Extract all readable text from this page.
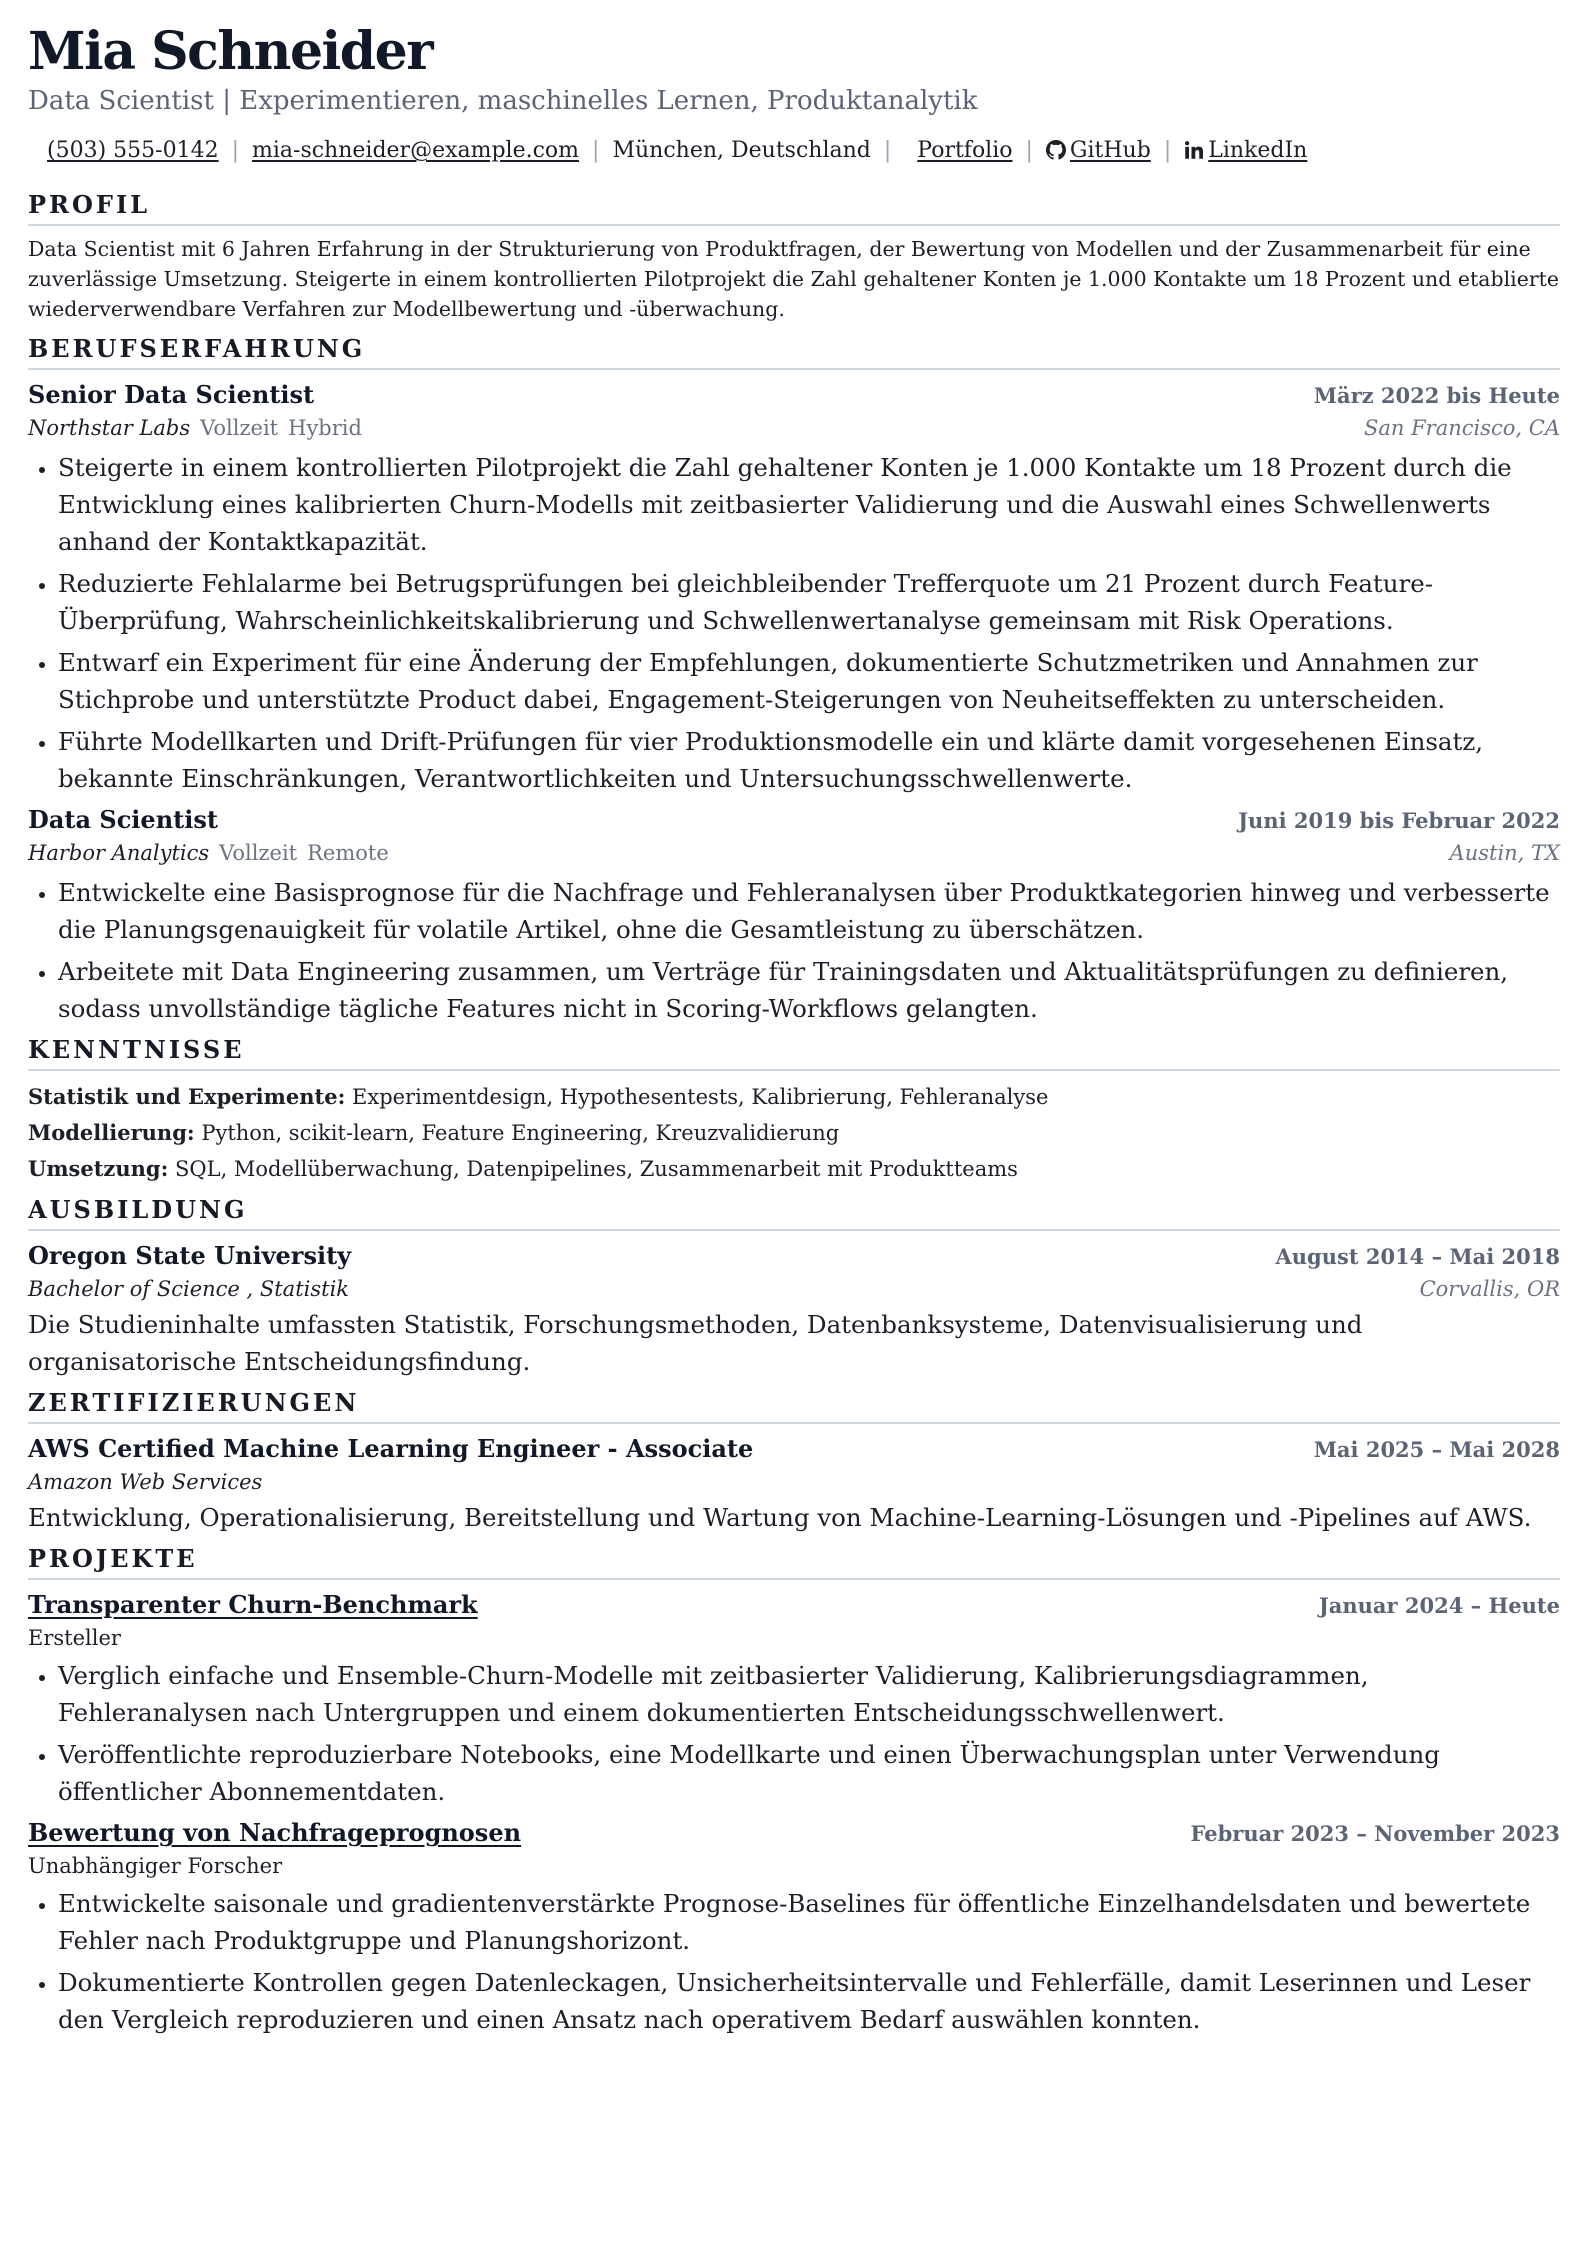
Mia Schneider
Data Scientist | Experimentieren, maschinelles Lernen, Produktanalytik
(503) 555-0142 | mia-schneider@example.com | München, Deutschland | Portfolio |	GitHub |	LinkedIn
PROFIL

Data Scientist mit 6 Jahren Erfahrung in der Strukturierung von Produktfragen, der Bewertung von Modellen und der Zusammenarbeit für eine zuverlässige Umsetzung. Steigerte in einem kontrollierten Pilotprojekt die Zahl gehaltener Konten je 1.000 Kontakte um 18 Prozent und etablierte wiederverwendbare Verfahren zur Modellbewertung und -überwachung.

BERUFSERFAHRUNG
Senior Data Scientist	März 2022 bis Heute
Northstar Labs Vollzeit Hybrid	San Francisco, CA
• Steigerte in einem kontrollierten Pilotprojekt die Zahl gehaltener Konten je 1.000 Kontakte um 18 Prozent durch die Entwicklung eines kalibrierten Churn-Modells mit zeitbasierter Validierung und die Auswahl eines Schwellenwerts anhand der Kontaktkapazität.
• Reduzierte Fehlalarme bei Betrugsprüfungen bei gleichbleibender Trefferquote um 21 Prozent durch Feature-Überprüfung, Wahrscheinlichkeitskalibrierung und Schwellenwertanalyse gemeinsam mit Risk Operations.
• Entwarf ein Experiment für eine Änderung der Empfehlungen, dokumentierte Schutzmetriken und Annahmen zur Stichprobe und unterstützte Product dabei, Engagement-Steigerungen von Neuheitseffekten zu unterscheiden.
• Führte Modellkarten und Drift-Prüfungen für vier Produktionsmodelle ein und klärte damit vorgesehenen Einsatz, bekannte Einschränkungen, Verantwortlichkeiten und Untersuchungsschwellenwerte.
Data Scientist	Juni 2019 bis Februar 2022
Harbor Analytics Vollzeit Remote	Austin, TX
• Entwickelte eine Basisprognose für die Nachfrage und Fehleranalysen über Produktkategorien hinweg und verbesserte die Planungsgenauigkeit für volatile Artikel, ohne die Gesamtleistung zu überschätzen.
• Arbeitete mit Data Engineering zusammen, um Verträge für Trainingsdaten und Aktualitätsprüfungen zu definieren, sodass unvollständige tägliche Features nicht in Scoring-Workflows gelangten.
KENNTNISSE
Statistik und Experimente: Experimentdesign, Hypothesentests, Kalibrierung, Fehleranalyse
Modellierung: Python, scikit-learn, Feature Engineering, Kreuzvalidierung
Umsetzung: SQL, Modellüberwachung, Datenpipelines, Zusammenarbeit mit Produktteams
AUSBILDUNG
Oregon State University	August 2014 – Mai 2018
Bachelor of Science , Statistik	Corvallis, OR
Die Studieninhalte umfassten Statistik, Forschungsmethoden, Datenbanksysteme, Datenvisualisierung und organisatorische Entscheidungsfindung.
ZERTIFIZIERUNGEN
AWS Certified Machine Learning Engineer - Associate	Mai 2025 – Mai 2028
Amazon Web Services
Entwicklung, Operationalisierung, Bereitstellung und Wartung von Machine-Learning-Lösungen und -Pipelines auf AWS.
PROJEKTE
Transparenter Churn-Benchmark	Januar 2024 – Heute
Ersteller
• Verglich einfache und Ensemble-Churn-Modelle mit zeitbasierter Validierung, Kalibrierungsdiagrammen, Fehleranalysen nach Untergruppen und einem dokumentierten Entscheidungsschwellenwert.
• Veröffentlichte reproduzierbare Notebooks, eine Modellkarte und einen Überwachungsplan unter Verwendung öffentlicher Abonnementdaten.
Bewertung von Nachfrageprognosen	Februar 2023 – November 2023
Unabhängiger Forscher
• Entwickelte saisonale und gradientenverstärkte Prognose-Baselines für öffentliche Einzelhandelsdaten und bewertete Fehler nach Produktgruppe und Planungshorizont.
• Dokumentierte Kontrollen gegen Datenleckagen, Unsicherheitsintervalle und Fehlerfälle, damit Leserinnen und Leser den Vergleich reproduzieren und einen Ansatz nach operativem Bedarf auswählen konnten.
